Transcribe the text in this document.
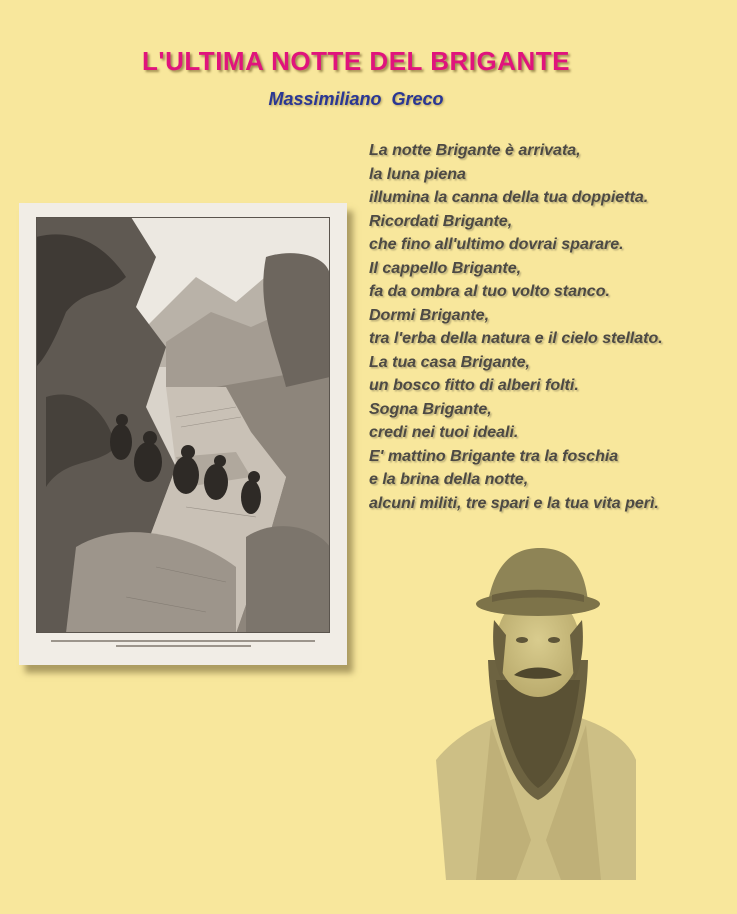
L'ULTIMA NOTTE DEL BRIGANTE
Massimiliano  Greco
La notte Brigante è arrivata,
la luna piena
illumina la canna della tua doppietta.
Ricordati Brigante,
che fino all'ultimo dovrai sparare.
Il cappello Brigante,
fa da ombra al tuo volto stanco.
Dormi Brigante,
tra l'erba della natura e il cielo stellato.
La tua casa Brigante,
un bosco fitto di alberi folti.
Sogna Brigante,
credi nei tuoi ideali.
E' mattino Brigante tra la foschia
e la brina della notte,
alcuni militi, tre spari e la tua vita perì.
